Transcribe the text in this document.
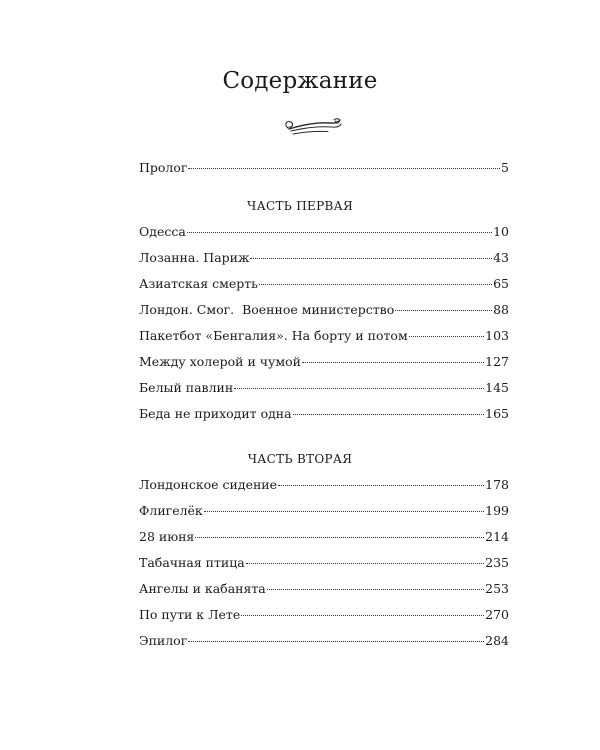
Содержание
Пролог	5
Одесса	10
Лозанна. Париж	43
Азиатская смерть	65
Лондон. Смог.  Военное министерство	88
Пакетбот «Бенгалия». На борту и потом	103
Между холерой и чумой	127
Белый павлин	145
Беда не приходит одна	165
Лондонское сидение	178
Флигелёк	199
28 июня	214
Табачная птица	235
Ангелы и кабанята	253
По пути к Лете	270
Эпилог	284
ЧАСТЬ ПЕРВАЯ
ЧАСТЬ ВТОРАЯ
